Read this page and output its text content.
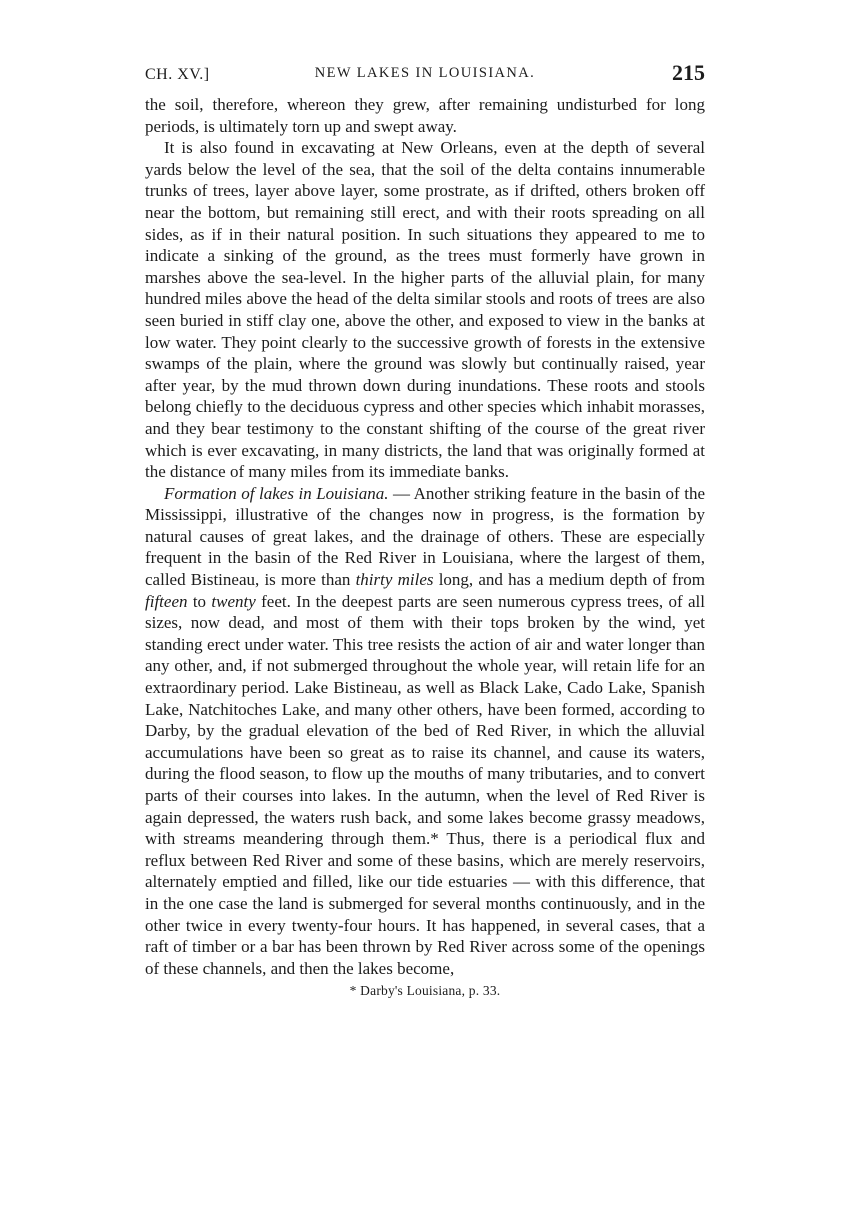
CH. XV.]	NEW LAKES IN LOUISIANA.	215

the soil, therefore, whereon they grew, after remaining undisturbed for long periods, is ultimately torn up and swept away.

It is also found in excavating at New Orleans, even at the depth of several yards below the level of the sea, that the soil of the delta contains innumerable trunks of trees, layer above layer, some prostrate, as if drifted, others broken off near the bottom, but remaining still erect, and with their roots spreading on all sides, as if in their natural position. In such situations they appeared to me to indicate a sinking of the ground, as the trees must formerly have grown in marshes above the sea-level. In the higher parts of the alluvial plain, for many hundred miles above the head of the delta similar stools and roots of trees are also seen buried in stiff clay one, above the other, and exposed to view in the banks at low water. They point clearly to the successive growth of forests in the extensive swamps of the plain, where the ground was slowly but continually raised, year after year, by the mud thrown down during inundations. These roots and stools belong chiefly to the deciduous cypress and other species which inhabit morasses, and they bear testimony to the constant shifting of the course of the great river which is ever excavating, in many districts, the land that was originally formed at the distance of many miles from its immediate banks.

Formation of lakes in Louisiana. — Another striking feature in the basin of the Mississippi, illustrative of the changes now in progress, is the formation by natural causes of great lakes, and the drainage of others. These are especially frequent in the basin of the Red River in Louisiana, where the largest of them, called Bistineau, is more than thirty miles long, and has a medium depth of from fifteen to twenty feet. In the deepest parts are seen numerous cypress trees, of all sizes, now dead, and most of them with their tops broken by the wind, yet standing erect under water. This tree resists the action of air and water longer than any other, and, if not submerged throughout the whole year, will retain life for an extraordinary period. Lake Bistineau, as well as Black Lake, Cado Lake, Spanish Lake, Natchitoches Lake, and many other others, have been formed, according to Darby, by the gradual elevation of the bed of Red River, in which the alluvial accumulations have been so great as to raise its channel, and cause its waters, during the flood season, to flow up the mouths of many tributaries, and to convert parts of their courses into lakes. In the autumn, when the level of Red River is again depressed, the waters rush back, and some lakes become grassy meadows, with streams meandering through them.* Thus, there is a periodical flux and reflux between Red River and some of these basins, which are merely reservoirs, alternately emptied and filled, like our tide estuaries — with this difference, that in the one case the land is submerged for several months continuously, and in the other twice in every twenty-four hours. It has happened, in several cases, that a raft of timber or a bar has been thrown by Red River across some of the openings of these channels, and then the lakes become,

* Darby's Louisiana, p. 33.
